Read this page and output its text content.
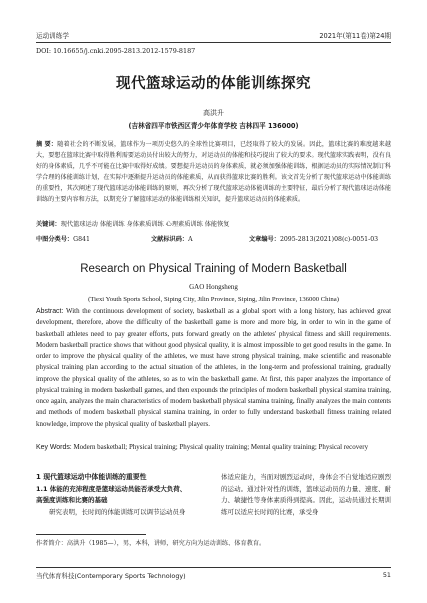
运动训练学	2021年(第11卷)第24期
DOI: 10.16655/j.cnki.2095-2813.2012-1579-8187
现代篮球运动的体能训练探究
高洪升
(吉林省四平市铁西区青少年体育学校 吉林四平 136000)
摘 要：随着社会的不断发展，篮球作为一项历史悠久的全球性比赛项目，已经取得了较大的发展。因此，篮球比赛的难度越来越大，要想在篮球比赛中取得胜利需要运动员付出较大的努力，对运动员的体能和技巧提出了较大的要求。现代篮球实践表明，没有良好的身体素质，几乎不可能在比赛中取得好成绩。要想提升运动员的身体素质，就必须加强体能训练，根据运动员的实际情况制订科学合理的体能训练计划，在实际中逐渐提升运动员的体能素质，从而获得篮球比赛的胜利。该文首先分析了现代篮球运动中体能训练的重要性，其次阐述了现代篮球运动体能训练的原则，再次分析了现代篮球运动体能训练的主要特征，最后分析了现代篮球运动体能训练的主要内容和方法，以期充分了解篮球运动的体能训练相关知识，提升篮球运动员的体能素质。
关键词：现代篮球运动 体能训练 身体素质训练 心理素质训练 体能恢复
中图分类号：G841	文献标识码：A	文章编号：2095-2813(2021)08(c)-0051-03
Research on Physical Training of Modern Basketball
GAO Hongsheng
(Tiexi Youth Sports School, Siping City, Jilin Province, Siping, Jilin Province, 136000 China)
Abstract: With the continuous development of society, basketball as a global sport with a long history, has achieved great development, therefore, above the difficulty of the basketball game is more and more big, in order to win in the game of basketball athletes need to pay greater efforts, puts forward greatly on the athletes' physical fitness and skill requirements. Modern basketball practice shows that without good physical quality, it is almost impossible to get good results in the game. In order to improve the physical quality of the athletes, we must have strong physical training, make scientific and reasonable physical training plan according to the actual situation of the athletes, in the long-term and professional training, gradually improve the physical quality of the athletes, so as to win the basketball game. At first, this paper analyzes the importance of physical training in modern basketball games, and then expounds the principles of modern basketball physical stamina training, once again, analyzes the main characteristics of modern basketball physical stamina training, finally analyzes the main contents and methods of modern basketball physical stamina training, in order to fully understand basketball fitness training related knowledge, improve the physical quality of basketball players.
Key Words: Modern basketball; Physical training; Physical quality training; Mental quality training; Physical recovery
1 现代篮球运动中体能训练的重要性
1.1 体能的充沛程度是篮球运动员能否承受大负荷、
高强度训练和比赛的基础
研究表明，长时间的体能训练可以调节运动员身
体适应能力，当面对剧烈运动时，身体会不自觉地适应剧烈的运动。通过针对性的训练，篮球运动员的力量、速度、耐力、敏捷性等身体素质得到提高。因此，运动员通过长期训练可以适应长时间的比赛，承受身
作者简介：高洪升（1985—），男，本科，讲师，研究方向为运动训练、体育教育。
当代体育科技(Contemporary Sports Technology)	51
